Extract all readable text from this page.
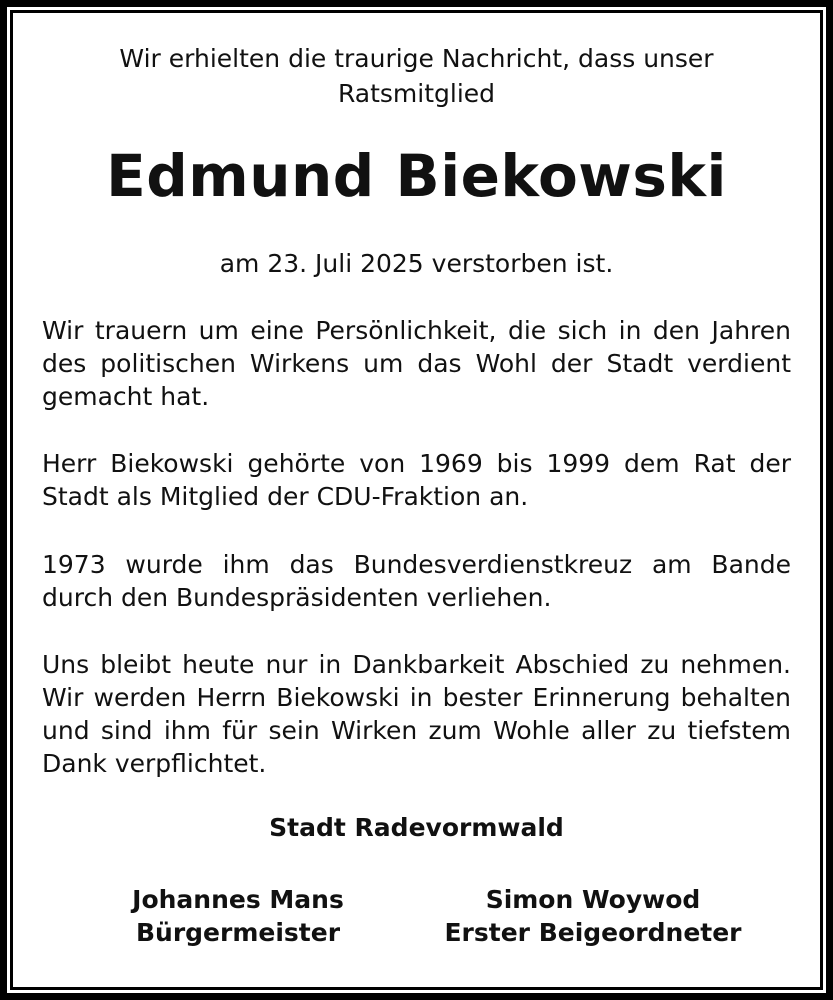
Wir erhielten die traurige Nachricht, dass unser
Ratsmitglied
Edmund Biekowski
am 23. Juli 2025 verstorben ist.
Wir trauern um eine Persönlichkeit, die sich in den Jahren des politischen Wirkens um das Wohl der Stadt verdient gemacht hat.
Herr Biekowski gehörte von 1969 bis 1999 dem Rat der Stadt als Mitglied der CDU-Fraktion an.
1973 wurde ihm das Bundesverdienstkreuz am Bande durch den Bundespräsidenten verliehen.
Uns bleibt heute nur in Dankbarkeit Abschied zu nehmen. Wir werden Herrn Biekowski in bester Erinnerung behalten und sind ihm für sein Wirken zum Wohle aller zu tiefstem Dank verpflichtet.
Stadt Radevormwald
Johannes Mans
Bürgermeister
Simon Woywod
Erster Beigeordneter
